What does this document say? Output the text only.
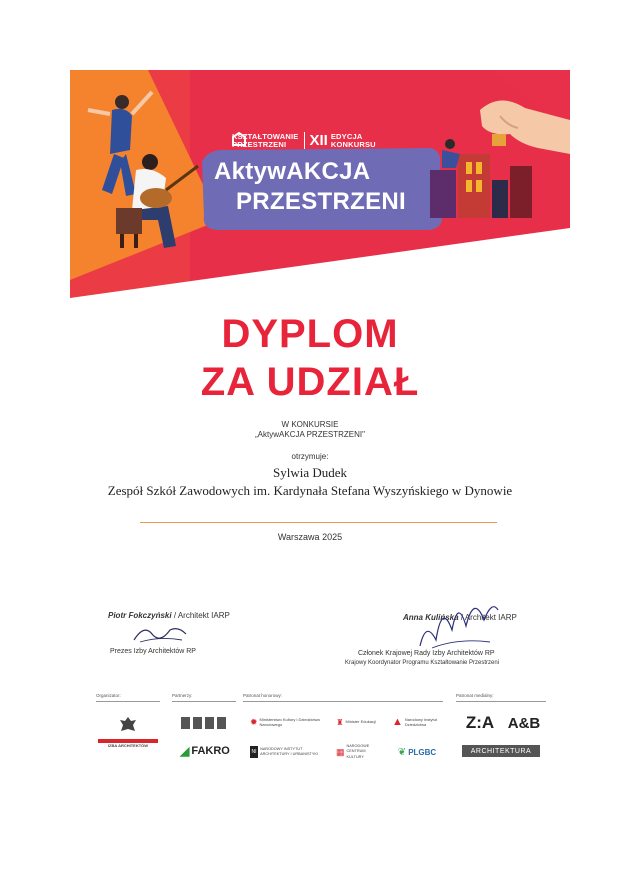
KSZTAŁTOWANIE
PRZESTRZENI	XII EDYCJA
KONKURSU
AktywAKCJA
PRZESTRZENI
DYPLOM
ZA UDZIAŁ
W KONKURSIE
„AktywAKCJA PRZESTRZENI"
otrzymuje:
Sylwia Dudek
Zespół Szkół Zawodowych im. Kardynała Stefana Wyszyńskiego w Dynowie
Warszawa 2025
Piotr Fokczyński / Architekt IARP
Prezes Izby Architektów RP
Anna Kulińska / Architekt IARP
Członek Krajowej Rady Izby Architektów RP
Krajowy Koordynator Programu Kształtowanie Przestrzeni
Organizator:	Partnerzy:	Patronat honorowy:	Patronat medialny:
IZBA ARCHITEKTÓW	◢ FAKRO
✹ Ministerstwo Kultury i Dziedzictwa Narodowego	♜ Minister Edukacji ▲ Narodowy Instytut Dziedzictwa
NI
NARODOWY INSTYTUT ARCHITEKTURY I URBANISTYKI	▦
NARODOWE CENTRUM KULTURY	❦ PLGBC
Z:A A&B
ARCHITEKTURA
